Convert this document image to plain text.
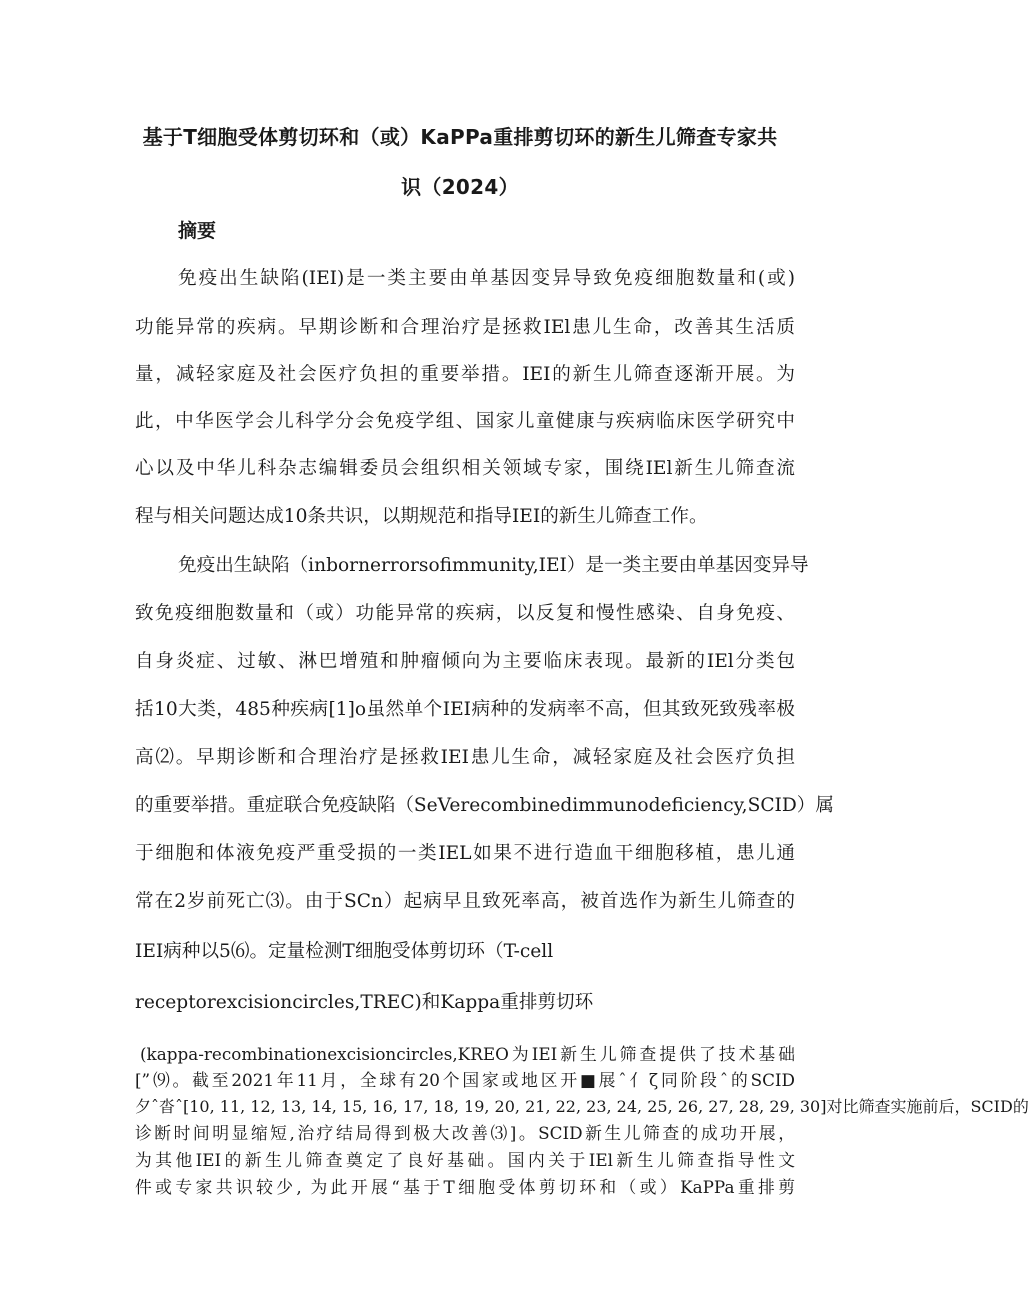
基于T细胞受体剪切环和（或）KaPPa重排剪切环的新生儿筛查专家共
识（2024）
摘要
免疫出生缺陷(IEI)是一类主要由单基因变异导致免疫细胞数量和(或)
功能异常的疾病。早期诊断和合理治疗是拯救IEl患儿生命，改善其生活质
量，减轻家庭及社会医疗负担的重要举措。IEI的新生儿筛查逐渐开展。为
此，中华医学会儿科学分会免疫学组、国家儿童健康与疾病临床医学研究中
心以及中华儿科杂志编辑委员会组织相关领域专家，围绕IEl新生儿筛查流
程与相关问题达成10条共识，以期规范和指导IEI的新生儿筛查工作。
免疫出生缺陷（inbornerrorsofimmunity,IEI）是一类主要由单基因变异导
致免疫细胞数量和（或）功能异常的疾病，以反复和慢性感染、自身免疫、
自身炎症、过敏、淋巴增殖和肿瘤倾向为主要临床表现。最新的IEl分类包
括10大类，485种疾病[1]o虽然单个IEI病种的发病率不高，但其致死致残率极
高⑵。早期诊断和合理治疗是拯救IEI患儿生命，减轻家庭及社会医疗负担
的重要举措。重症联合免疫缺陷（SeVerecombinedimmunodeficiency,SCID）属
于细胞和体液免疫严重受损的一类IEL如果不进行造血干细胞移植，患儿通
常在2岁前死亡⑶。由于SCn）起病早且致死率高，被首选作为新生儿筛查的
IEI病种以5⑹。定量检测T细胞受体剪切环（T-cell
receptorexcisioncircles,TREC)和Kappa重排剪切环
(kappa-recombinationexcisioncircles,KREO为IEI新生儿筛查提供了技术基础
[”⑼。截至2021年11月，全球有20个国家或地区开■展ˆ亻ζ同阶段ˆ的SCID
夕ˆ沓ˆ[10, 11, 12, 13, 14, 15, 16, 17, 18, 19, 20, 21, 22, 23, 24, 25, 26, 27, 28, 29, 30]对比筛查实施前后，SCID的
诊断时间明显缩短,治疗结局得到极大改善⑶]。SCID新生儿筛查的成功开展，
为其他IEI的新生儿筛查奠定了良好基础。国内关于IEl新生儿筛查指导性文
件或专家共识较少, 为此开展“基于T细胞受体剪切环和（或）KaPPa重排剪
